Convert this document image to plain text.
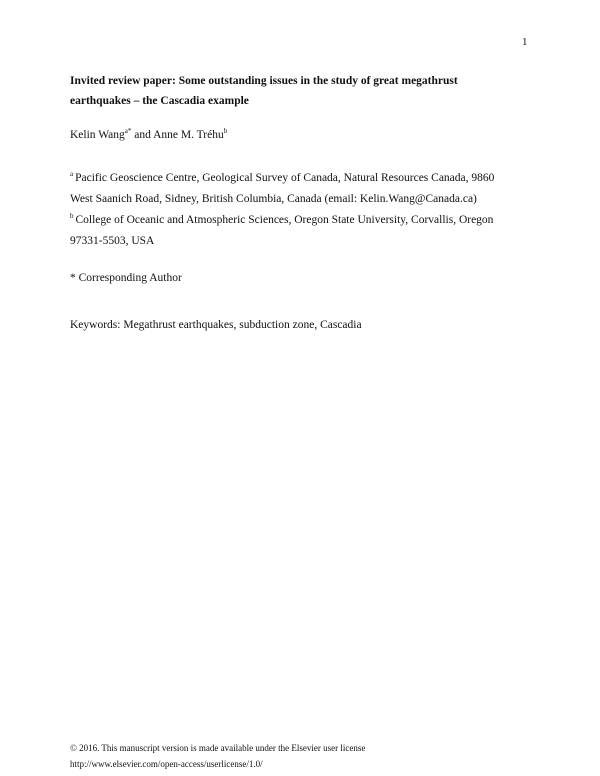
1
Invited review paper: Some outstanding issues in the study of great megathrust
earthquakes – the Cascadia example
Kelin Wang$^{a*}$ and Anne M. Tréhu$^b$
$^a$ Pacific Geoscience Centre, Geological Survey of Canada, Natural Resources Canada, 9860
West Saanich Road, Sidney, British Columbia, Canada (email: Kelin.Wang@Canada.ca)
$^b$ College of Oceanic and Atmospheric Sciences, Oregon State University, Corvallis, Oregon
97331-5503, USA
* Corresponding Author
Keywords: Megathrust earthquakes, subduction zone, Cascadia
© 2016. This manuscript version is made available under the Elsevier user license
http://www.elsevier.com/open-access/userlicense/1.0/
